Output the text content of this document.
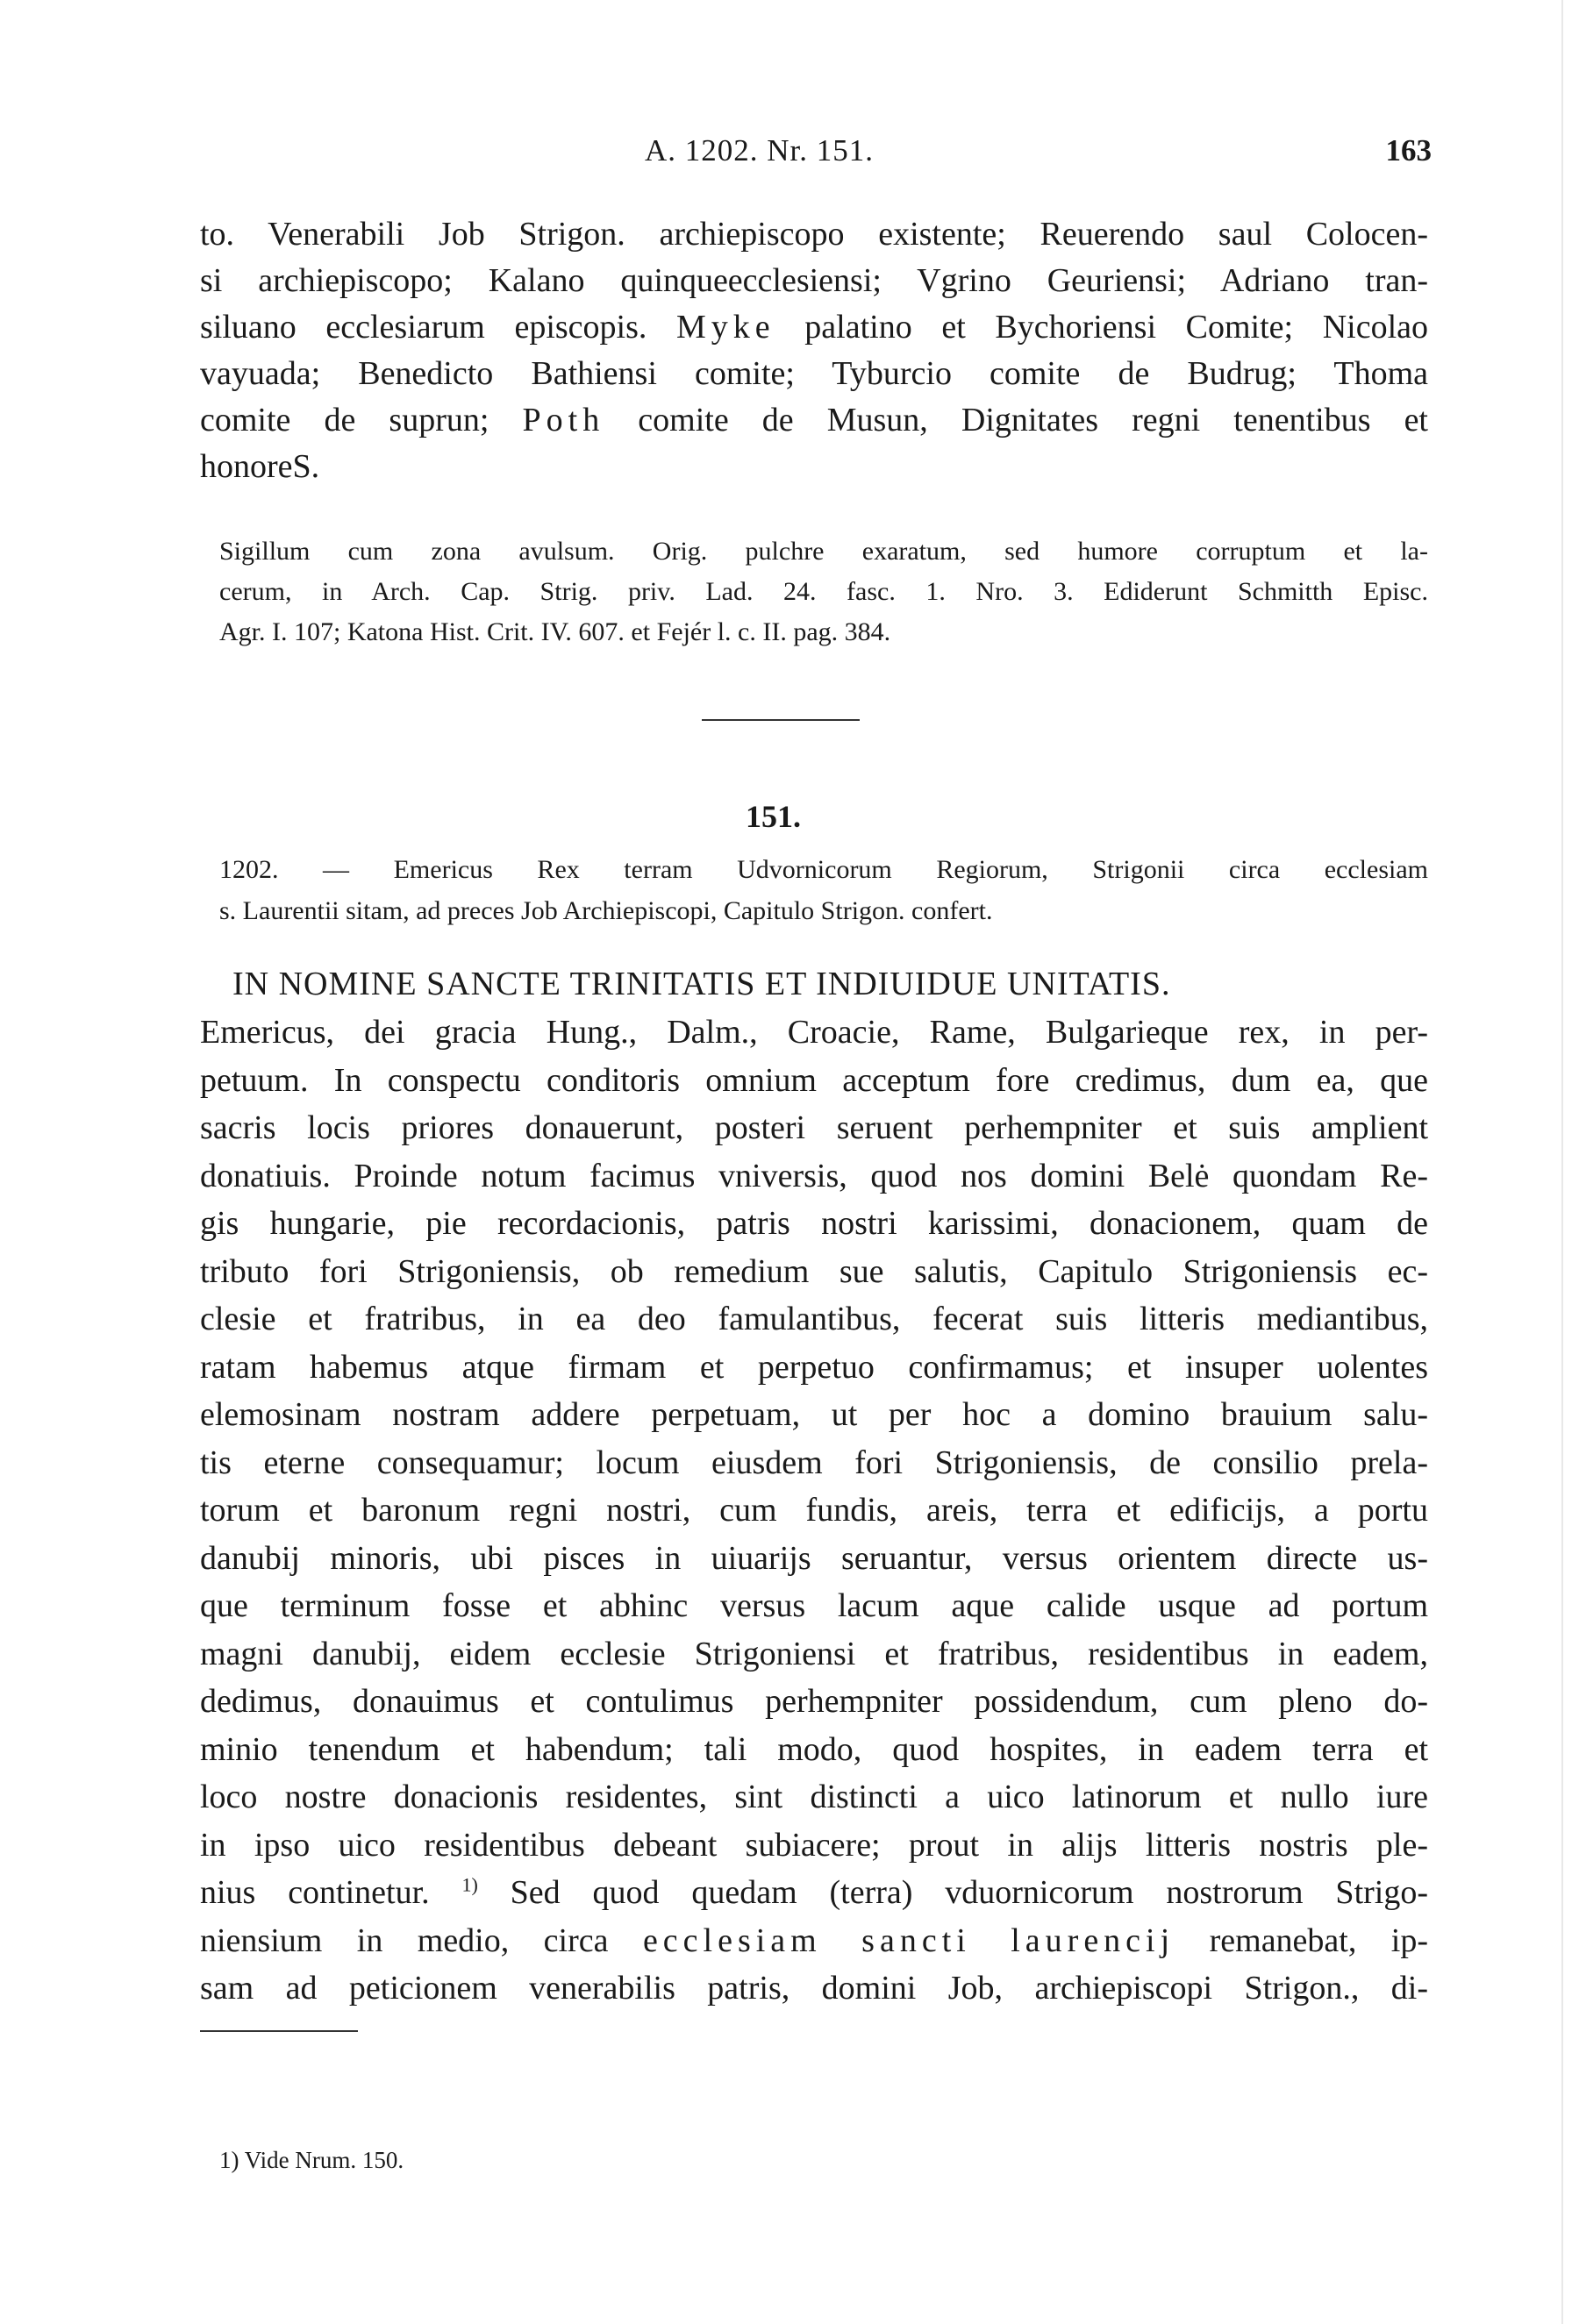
A. 1202. Nr. 151.	163
to. Venerabili Job Strigon. archiepiscopo existente; Reuerendo saul Colocen-
si archiepiscopo; Kalano quinqueecclesiensi; Vgrino Geuriensi; Adriano tran-
siluano ecclesiarum episcopis. Myke palatino et Bychoriensi Comite; Nicolao
vayuada; Benedicto Bathiensi comite; Tyburcio comite de Budrug; Thoma
comite de suprun; Poth comite de Musun, Dignitates regni tenentibus et
honoreS.
Sigillum cum zona avulsum. Orig. pulchre exaratum, sed humore corruptum et la-
cerum, in Arch. Cap. Strig. priv. Lad. 24. fasc. 1. Nro. 3. Ediderunt Schmitth Episc.
Agr. I. 107; Katona Hist. Crit. IV. 607. et Fejér l. c. II. pag. 384.
151.
1202. — Emericus Rex terram Udvornicorum Regiorum, Strigonii circa ecclesiam
s. Laurentii sitam, ad preces Job Archiepiscopi, Capitulo Strigon. confert.
IN NOMINE SANCTE TRINITATIS ET INDIUIDUE UNITATIS.
Emericus, dei gracia Hung., Dalm., Croacie, Rame, Bulgarieque rex, in per-
petuum. In conspectu conditoris omnium acceptum fore credimus, dum ea, que
sacris locis priores donauerunt, posteri seruent perhempniter et suis amplient
donatiuis. Proinde notum facimus vniversis, quod nos domini Belė quondam Re-
gis hungarie, pie recordacionis, patris nostri karissimi, donacionem, quam de
tributo fori Strigoniensis, ob remedium sue salutis, Capitulo Strigoniensis ec-
clesie et fratribus, in ea deo famulantibus, fecerat suis litteris mediantibus,
ratam habemus atque firmam et perpetuo confirmamus; et insuper uolentes
elemosinam nostram addere perpetuam, ut per hoc a domino brauium salu-
tis eterne consequamur; locum eiusdem fori Strigoniensis, de consilio prela-
torum et baronum regni nostri, cum fundis, areis, terra et edificijs, a portu
danubij minoris, ubi pisces in uiuarijs seruantur, versus orientem directe us-
que terminum fosse et abhinc versus lacum aque calide usque ad portum
magni danubij, eidem ecclesie Strigoniensi et fratribus, residentibus in eadem,
dedimus, donauimus et contulimus perhempniter possidendum, cum pleno do-
minio tenendum et habendum; tali modo, quod hospites, in eadem terra et
loco nostre donacionis residentes, sint distincti a uico latinorum et nullo iure
in ipso uico residentibus debeant subiacere; prout in alijs litteris nostris ple-
nius continetur. $^{1)}$ Sed quod quedam (terra) vduornicorum nostrorum Strigo-
niensium in medio, circa ecclesiam sancti laurencij remanebat, ip-
sam ad peticionem venerabilis patris, domini Job, archiepiscopi Strigon., di-
1) Vide Nrum. 150.
